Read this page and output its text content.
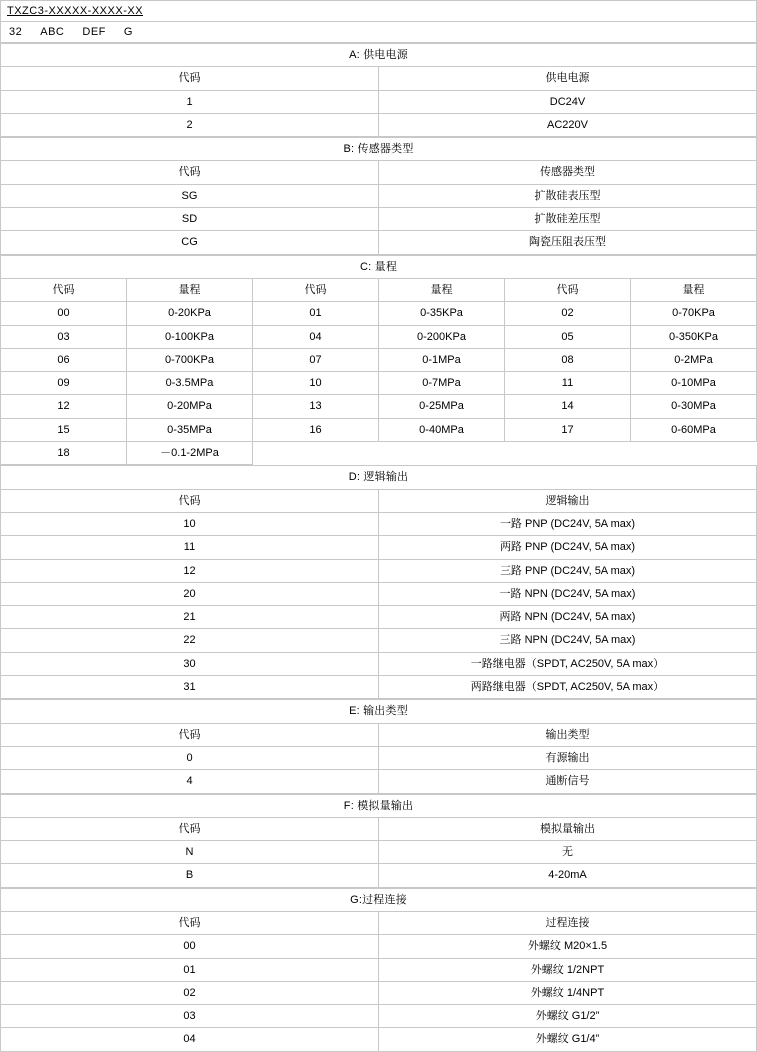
TXZC3-XXXXX-XXXX-XX
32 ABC DEF G
A: 供电电源	
代码	供电电源
1	DC24V
2	AC220V
B: 传感器类型	
代码	传感器类型
SG	扩散硅表压型
SD	扩散硅差压型
CG	陶瓷压阻表压型
C: 量程					
代码	量程	代码	量程	代码	量程
00	0-20KPa	01	0-35KPa	02	0-70KPa
03	0-100KPa	04	0-200KPa	05	0-350KPa
06	0-700KPa	07	0-1MPa	08	0-2MPa
09	0-3.5MPa	10	0-7MPa	11	0-10MPa
12	0-20MPa	13	0-25MPa	14	0-30MPa
15	0-35MPa	16	0-40MPa	17	0-60MPa
18	－0.1-2MPa				
D: 逻辑输出	
代码	逻辑输出
10	一路 PNP (DC24V, 5A max)
11	两路 PNP (DC24V, 5A max)
12	三路 PNP (DC24V, 5A max)
20	一路 NPN (DC24V, 5A max)
21	两路 NPN (DC24V, 5A max)
22	三路 NPN (DC24V, 5A max)
30	一路继电器（SPDT, AC250V, 5A max）
31	两路继电器（SPDT, AC250V, 5A max）
E: 输出类型	
代码	输出类型
0	有源输出
4	通断信号
F: 模拟量输出	
代码	模拟量输出
N	无
B	4-20mA
G:过程连接	
代码	过程连接
00	外螺纹 M20×1.5
01	外螺纹 1/2NPT
02	外螺纹 1/4NPT
03	外螺纹 G1/2”
04	外螺纹 G1/4”
